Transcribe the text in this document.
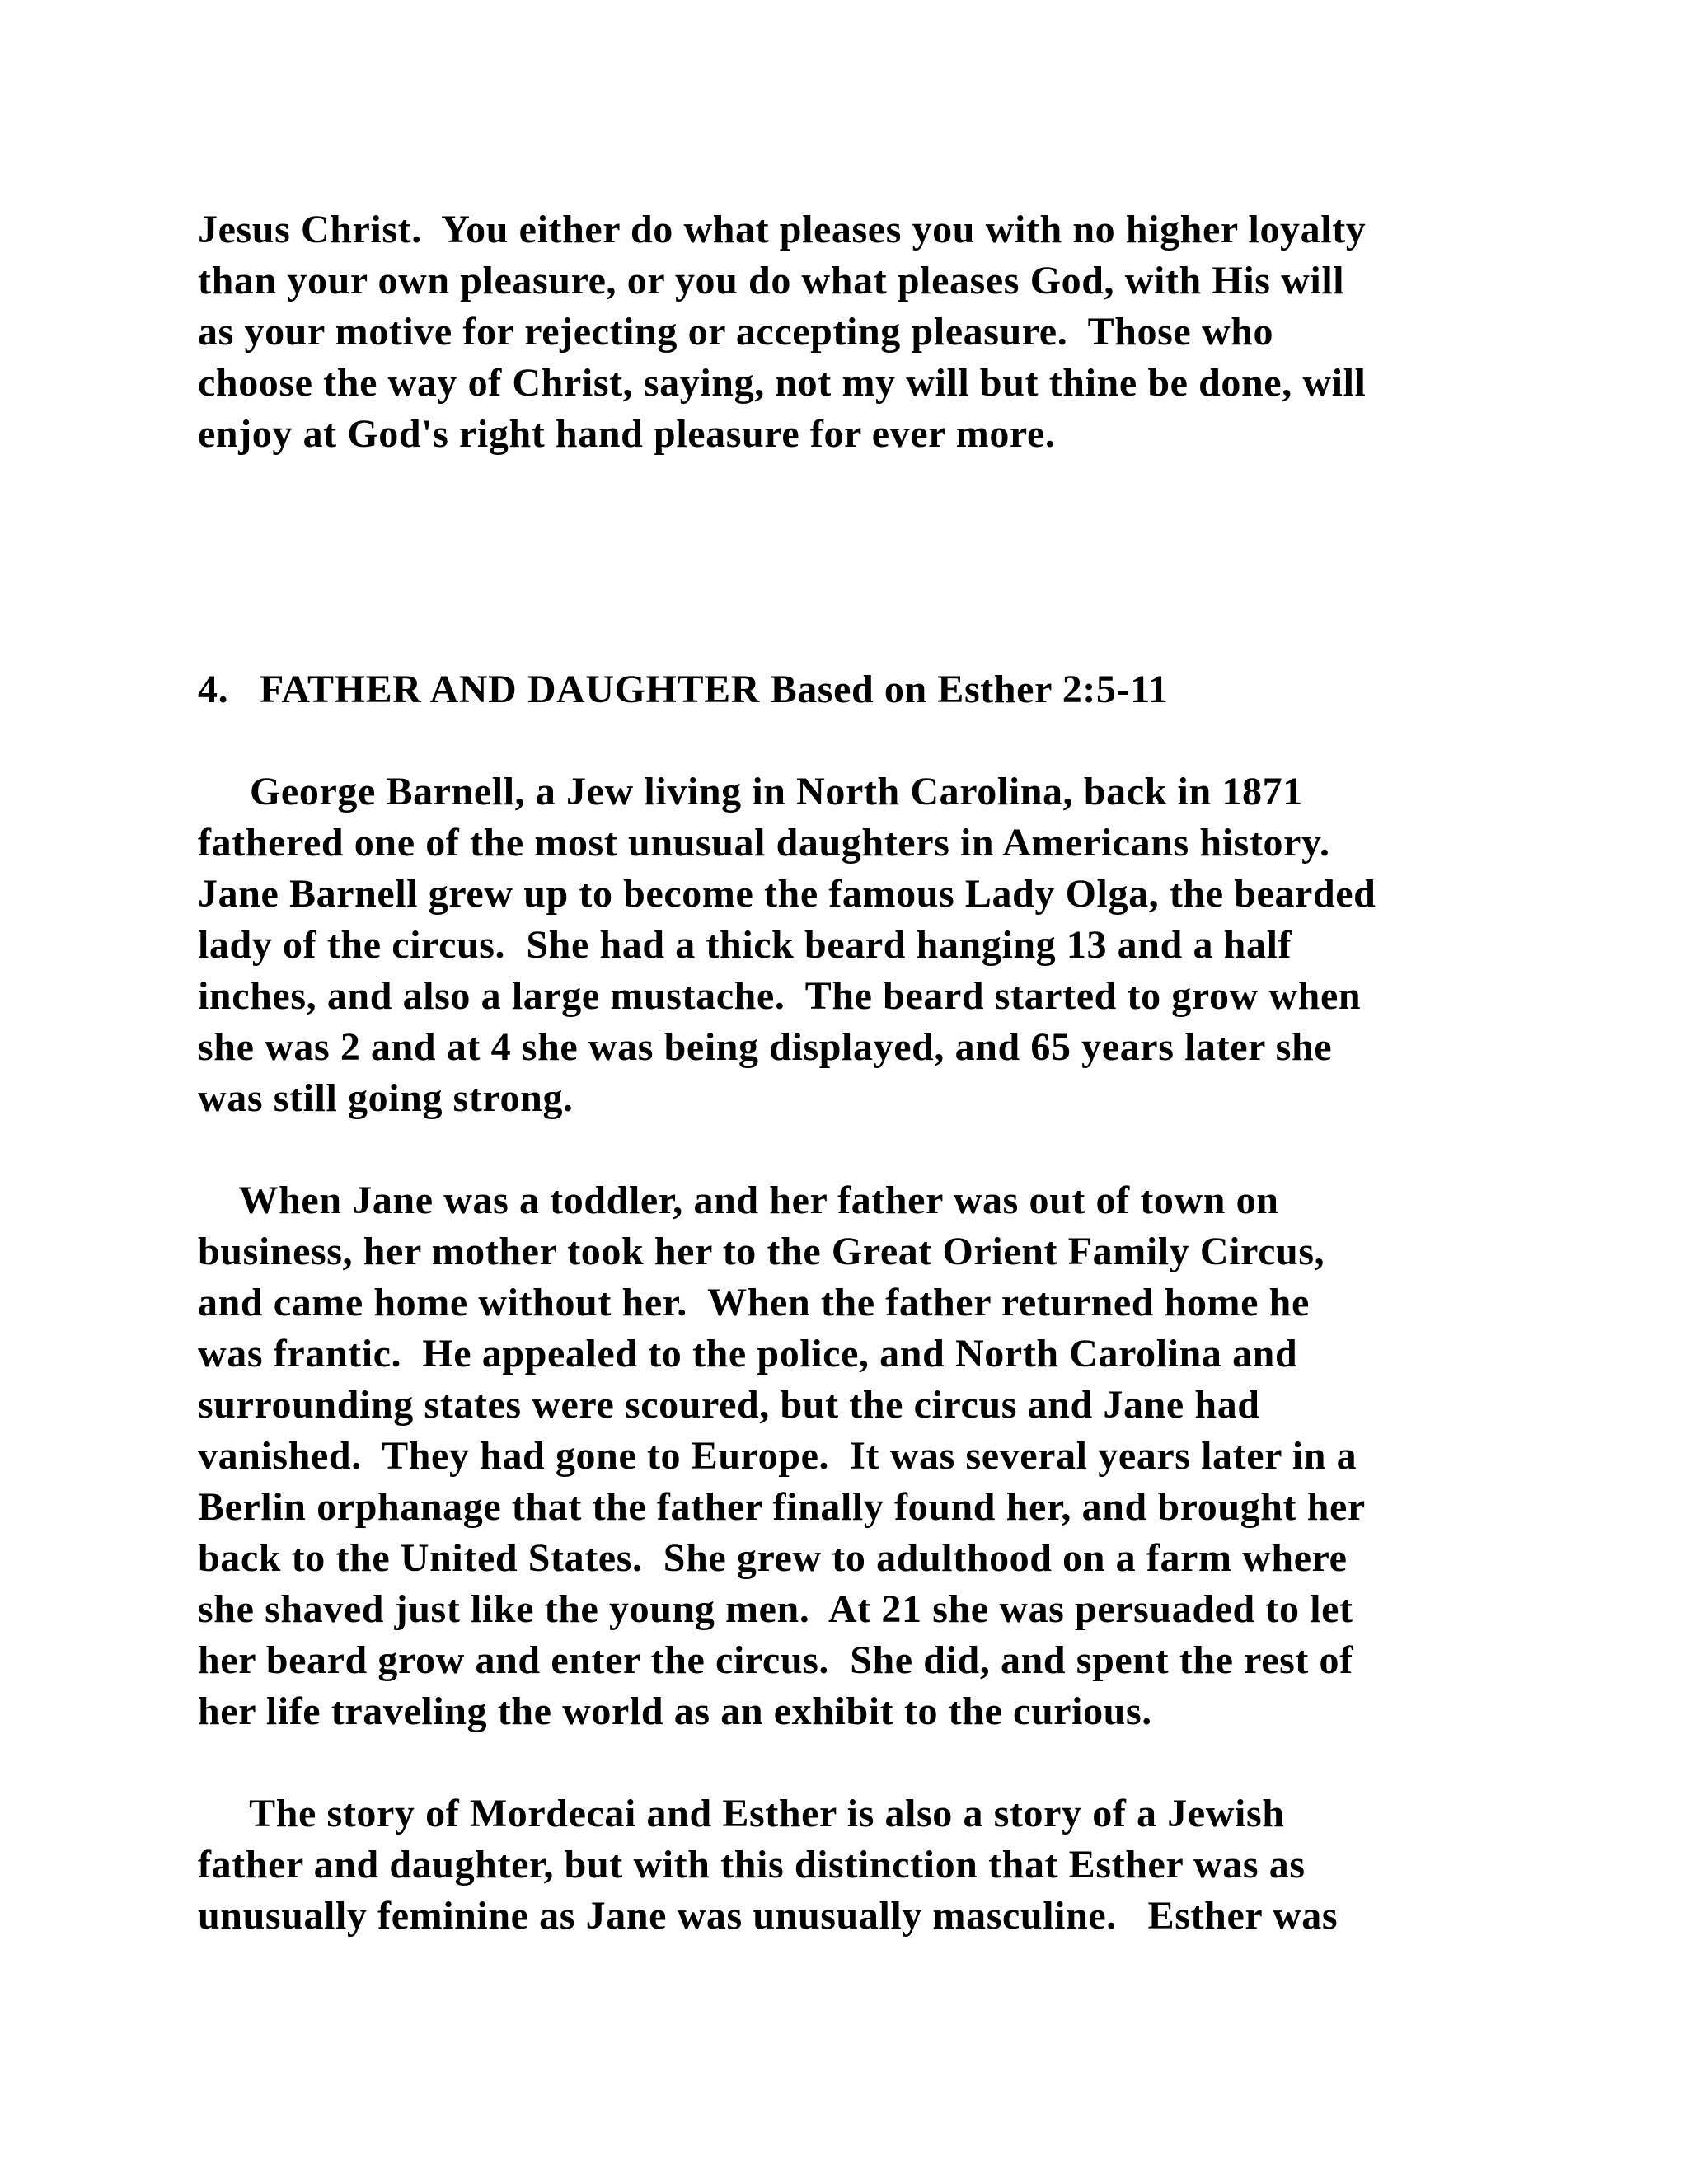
Jesus Christ.  You either do what pleases you with no higher loyalty
than your own pleasure, or you do what pleases God, with His will
as your motive for rejecting or accepting pleasure.  Those who
choose the way of Christ, saying, not my will but thine be done, will
enjoy at God's right hand pleasure for ever more.
4.   FATHER AND DAUGHTER Based on Esther 2:5-11
George Barnell, a Jew living in North Carolina, back in 1871
fathered one of the most unusual daughters in Americans history.
Jane Barnell grew up to become the famous Lady Olga, the bearded
lady of the circus.  She had a thick beard hanging 13 and a half
inches, and also a large mustache.  The beard started to grow when
she was 2 and at 4 she was being displayed, and 65 years later she
was still going strong.
When Jane was a toddler, and her father was out of town on
business, her mother took her to the Great Orient Family Circus,
and came home without her.  When the father returned home he
was frantic.  He appealed to the police, and North Carolina and
surrounding states were scoured, but the circus and Jane had
vanished.  They had gone to Europe.  It was several years later in a
Berlin orphanage that the father finally found her, and brought her
back to the United States.  She grew to adulthood on a farm where
she shaved just like the young men.  At 21 she was persuaded to let
her beard grow and enter the circus.  She did, and spent the rest of
her life traveling the world as an exhibit to the curious.
The story of Mordecai and Esther is also a story of a Jewish
father and daughter, but with this distinction that Esther was as
unusually feminine as Jane was unusually masculine.   Esther was
